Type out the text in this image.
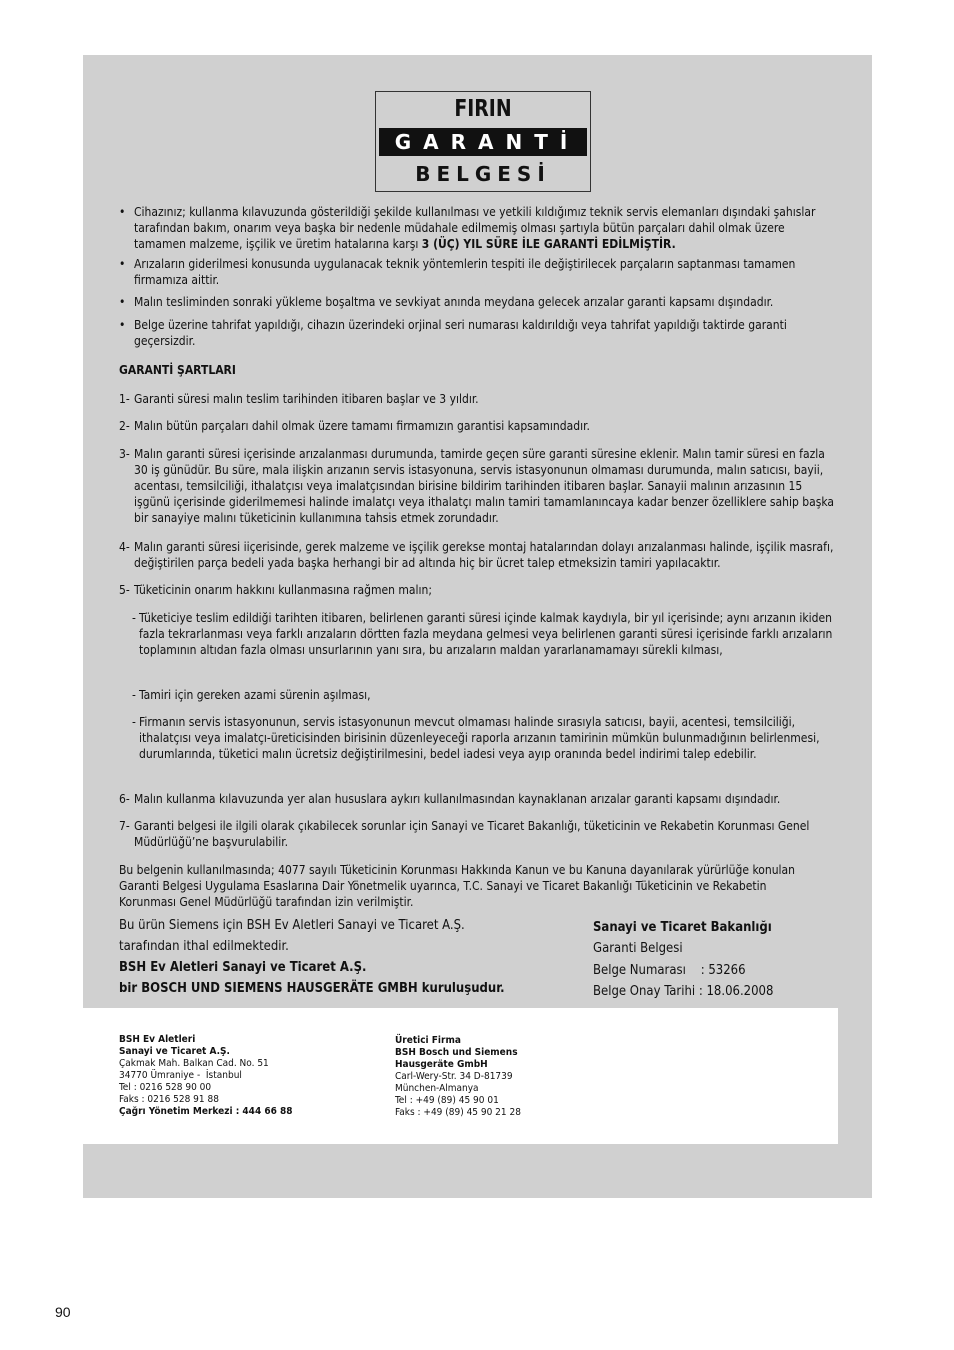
FIRIN
GARANTİ
BELGESİ
• Cihazınız; kullanma kılavuzunda gösterildiği şekilde kullanılması ve yetkili kıldığımız teknik servis elemanları dışındaki şahıslar tarafından bakım, onarım veya başka bir nedenle müdahale edilmemiş olması şartıyla bütün parçaları dahil olmak üzere tamamen malzeme, işçilik ve üretim hatalarına karşı 3 (ÜÇ) YIL SÜRE İLE GARANTİ EDİLMİŞTİR.

• Arızaların giderilmesi konusunda uygulanacak teknik yöntemlerin tespiti ile değiştirilecek parçaların saptanması tamamen firmamıza aittir.

• Malın tesliminden sonraki yükleme boşaltma ve sevkiyat anında meydana gelecek arızalar garanti kapsamı dışındadır.

• Belge üzerine tahrifat yapıldığı, cihazın üzerindeki orjinal seri numarası kaldırıldığı veya tahrifat yapıldığı taktirde garanti geçersizdir.

GARANTİ ŞARTLARI

1- Garanti süresi malın teslim tarihinden itibaren başlar ve 3 yıldır.

2- Malın bütün parçaları dahil olmak üzere tamamı firmamızın garantisi kapsamındadır.

3- Malın garanti süresi içerisinde arızalanması durumunda, tamirde geçen süre garanti süresine eklenir. Malın tamir süresi en fazla 30 iş günüdür. Bu süre, mala ilişkin arızanın servis istasyonuna, servis istasyonunun olmaması durumunda, malın satıcısı, bayii, acentası, temsilciliği, ithalatçısı veya imalatçısından birisine bildirim tarihinden itibaren başlar. Sanayii malının arızasının 15 işgünü içerisinde giderilmemesi halinde imalatçı veya ithalatçı malın tamiri tamamlanıncaya kadar benzer özelliklere sahip başka bir sanayiye malını tüketicinin kullanımına tahsis etmek zorundadır.

4- Malın garanti süresi iiçerisinde, gerek malzeme ve işçilik gerekse montaj hatalarından dolayı arızalanması halinde, işçilik masrafı, değiştirilen parça bedeli yada başka herhangi bir ad altında hiç bir ücret talep etmeksizin tamiri yapılacaktır.

5- Tüketicinin onarım hakkını kullanmasına rağmen malın;

- Tüketiciye teslim edildiği tarihten itibaren, belirlenen garanti süresi içinde kalmak kaydıyla, bir yıl içerisinde; aynı arızanın ikiden fazla tekrarlanması veya farklı arızaların dörtten fazla meydana gelmesi veya belirlenen garanti süresi içerisinde farklı arızaların toplamının altıdan fazla olması unsurlarının yanı sıra, bu arızaların maldan yararlanamamayı sürekli kılması,

- Tamiri için gereken azami sürenin aşılması,

- Firmanın servis istasyonunun, servis istasyonunun mevcut olmaması halinde sırasıyla satıcısı, bayii, acentesi, temsilciliği, ithalatçısı veya imalatçı-üreticisinden birisinin düzenleyeceği raporla arızanın tamirinin mümkün bulunmadığının belirlenmesi, durumlarında, tüketici malın ücretsiz değiştirilmesini, bedel iadesi veya ayıp oranında bedel indirimi talep edebilir.

6- Malın kullanma kılavuzunda yer alan hususlara aykırı kullanılmasından kaynaklanan arızalar garanti kapsamı dışındadır.

7- Garanti belgesi ile ilgili olarak çıkabilecek sorunlar için Sanayi ve Ticaret Bakanlığı, tüketicinin ve Rekabetin Korunması Genel Müdürlüğü’ne başvurulabilir.

Bu belgenin kullanılmasında; 4077 sayılı Tüketicinin Korunması Hakkında Kanun ve bu Kanuna dayanılarak yürürlüğe konulan Garanti Belgesi Uygulama Esaslarına Dair Yönetmelik uyarınca, T.C. Sanayi ve Ticaret Bakanlığı Tüketicinin ve Rekabetin Korunması Genel Müdürlüğü tarafından izin verilmiştir.

Bu ürün Siemens için BSH Ev Aletleri Sanayi ve Ticaret A.Ş.
tarafından ithal edilmektedir.
BSH Ev Aletleri Sanayi ve Ticaret A.Ş.
bir BOSCH UND SIEMENS HAUSGERÄTE GMBH kuruluşudur.
Sanayi ve Ticaret Bakanlığı
Garanti Belgesi
Belge Numarası    : 53266
Belge Onay Tarihi : 18.06.2008
BSH Ev Aletleri
Sanayi ve Ticaret A.Ş.
Çakmak Mah. Balkan Cad. No. 51
34770 Ümraniye -  İstanbul
Tel : 0216 528 90 00
Faks : 0216 528 91 88
Çağrı Yönetim Merkezi : 444 66 88
Üretici Firma
BSH Bosch und Siemens
Hausgeräte GmbH
Carl-Wery-Str. 34 D-81739
München-Almanya
Tel : +49 (89) 45 90 01
Faks : +49 (89) 45 90 21 28
90
